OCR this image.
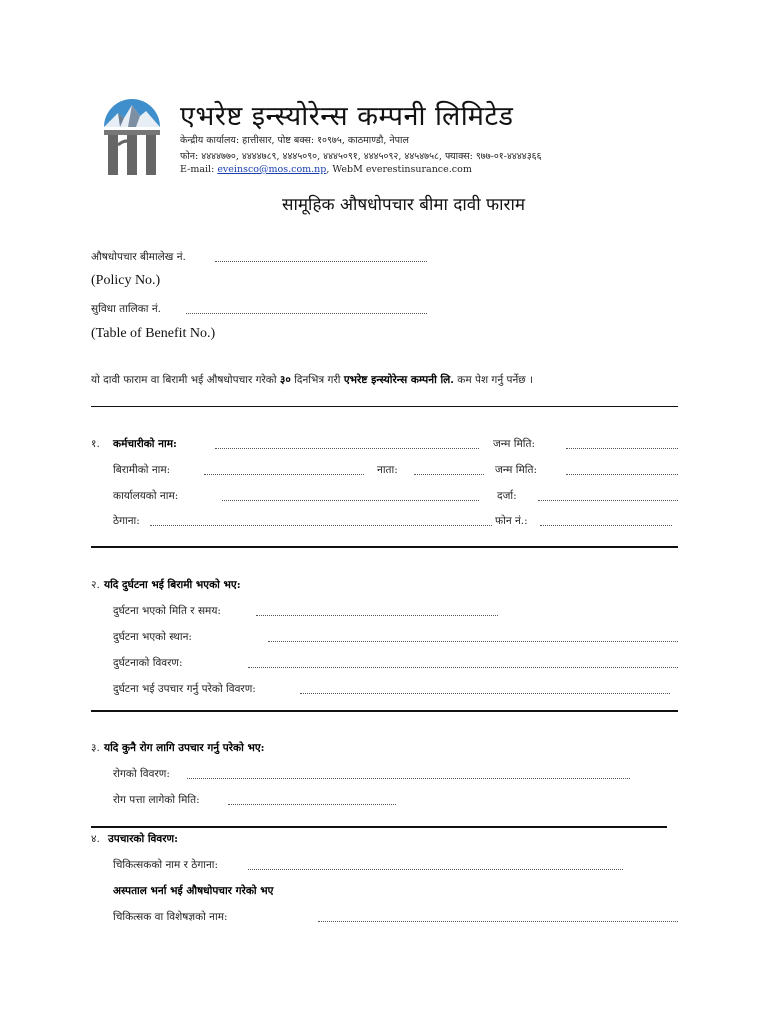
एभरेष्ट इन्स्योरेन्स कम्पनी लिमिटेड
केन्द्रीय कार्यालय: हात्तीसार, पोष्ट बक्स: १०९७५, काठमाण्डौ, नेपाल
फोन: ४४४४७७०, ४४४४७८९, ४४४५०९०, ४४४५०९१, ४४४५०९२, ४४५४७५८, फ्याक्स: ९७७-०१-४४४४३६६
E-mail: eveinsco@mos.com.np, WebM everestinsurance.com
सामूहिक औषधोपचार बीमा दावी फाराम
औषधोपचार बीमालेख नं.
(Policy No.)
सुविधा तालिका नं.
(Table of Benefit No.)
यो दावी फाराम वा बिरामी भई औषधोपचार गरेको ३० दिनभित्र गरी एभरेष्ट इन्स्योरेन्स कम्पनी लि. कम पेश गर्नु पर्नेछ ।
१. कर्मचारीको नाम:	जन्म मिति:
बिरामीको नाम:	नाता:	जन्म मिति:
कार्यालयको नाम:	दर्जा:
ठेगाना:	फोन नं.:
२. यदि दुर्घटना भई बिरामी भएको भए:
दुर्घटना भएको मिति र समय:
दुर्घटना भएको स्थान:
दुर्घटनाको विवरण:
दुर्घटना भई उपचार गर्नु परेको विवरण:
३. यदि कुनै रोग लागि उपचार गर्नु परेको भए:
रोगको विवरण:
रोग पत्ता लागेको मिति:
४. उपचारको विवरण:
चिकित्सककाे नाम र ठेगाना:
अस्पताल भर्ना भई औषधोपचार गरेको भए
चिकित्सक वा विशेषज्ञको नाम:
